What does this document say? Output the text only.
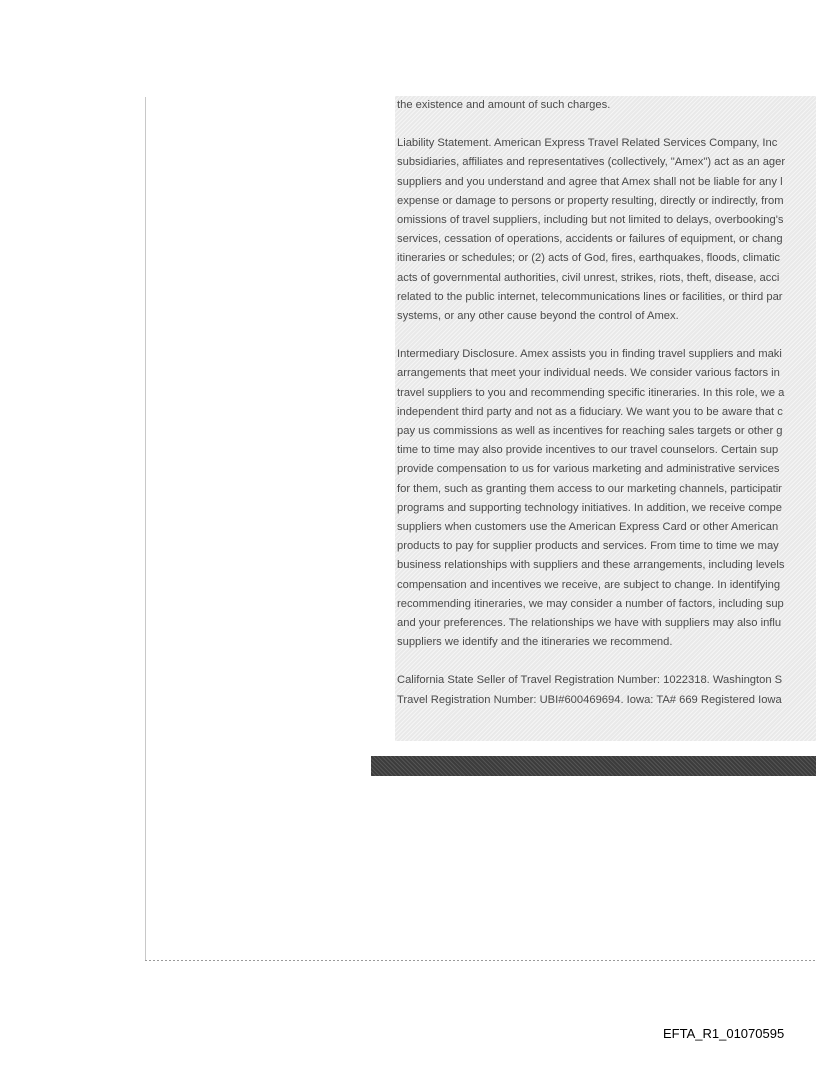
the existence and amount of such charges.

Liability Statement. American Express Travel Related Services Company, Inc
subsidiaries, affiliates and representatives (collectively, "Amex") act as an ager
suppliers and you understand and agree that Amex shall not be liable for any l
expense or damage to persons or property resulting, directly or indirectly, from
omissions of travel suppliers, including but not limited to delays, overbooking's
services, cessation of operations, accidents or failures of equipment, or chang
itineraries or schedules; or (2) acts of God, fires, earthquakes, floods, climatic
acts of governmental authorities, civil unrest, strikes, riots, theft, disease, acci
related to the public internet, telecommunications lines or facilities, or third par
systems, or any other cause beyond the control of Amex.

Intermediary Disclosure. Amex assists you in finding travel suppliers and maki
arrangements that meet your individual needs. We consider various factors in
travel suppliers to you and recommending specific itineraries. In this role, we a
independent third party and not as a fiduciary. We want you to be aware that c
pay us commissions as well as incentives for reaching sales targets or other g
time to time may also provide incentives to our travel counselors. Certain sup
provide compensation to us for various marketing and administrative services
for them, such as granting them access to our marketing channels, participatir
programs and supporting technology initiatives. In addition, we receive compe
suppliers when customers use the American Express Card or other American
products to pay for supplier products and services. From time to time we may
business relationships with suppliers and these arrangements, including levels
compensation and incentives we receive, are subject to change. In identifying
recommending itineraries, we may consider a number of factors, including sup
and your preferences. The relationships we have with suppliers may also influ
suppliers we identify and the itineraries we recommend.

California State Seller of Travel Registration Number: 1022318. Washington S
Travel Registration Number: UBI#600469694. Iowa: TA# 669 Registered Iowa

EFTA_R1_01070595
